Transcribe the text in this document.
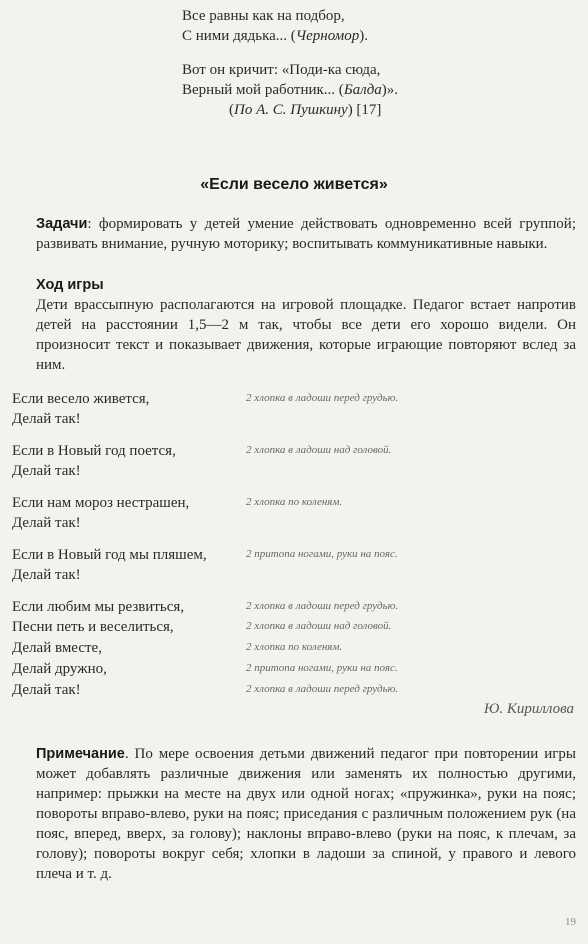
Все равны как на подбор,
С ними дядька... (Черномор).
Вот он кричит: «Поди-ка сюда,
Верный мой работник... (Балда)».
(По А. С. Пушкину) [17]
«Если весело живется»
Задачи: формировать у детей умение действовать одновременно всей группой; развивать внимание, ручную моторику; воспитывать коммуникативные навыки.
Ход игры
Дети врассыпную располагаются на игровой площадке. Педагог встает напротив детей на расстоянии 1,5—2 м так, чтобы все дети его хорошо видели. Он произносит текст и показывает движения, которые играющие повторяют вслед за ним.
Если весело живется,	2 хлопка в ладоши перед грудью.
Делай так!
Если в Новый год поется,	2 хлопка в ладоши над головой.
Делай так!
Если нам мороз нестрашен,	2 хлопка по коленям.
Делай так!
Если в Новый год мы пляшем,	2 притопа ногами, руки на пояс.
Делай так!
Если любим мы резвиться,	2 хлопка в ладоши перед грудью.
Песни петь и веселиться,	2 хлопка в ладоши над головой.
Делай вместе,	2 хлопка по коленям.
Делай дружно,	2 притопа ногами, руки на пояс.
Делай так!	2 хлопка в ладоши перед грудью.
Ю. Кириллова
Примечание. По мере освоения детьми движений педагог при повторении игры может добавлять различные движения или заменять их полностью другими, например: прыжки на месте на двух или одной ногах; «пружинка», руки на пояс; повороты вправо-влево, руки на пояс; приседания с различным положением рук (на пояс, вперед, вверх, за голову); наклоны вправо-влево (руки на пояс, к плечам, за голову); повороты вокруг себя; хлопки в ладоши за спиной, у правого и левого плеча и т. д.
19
